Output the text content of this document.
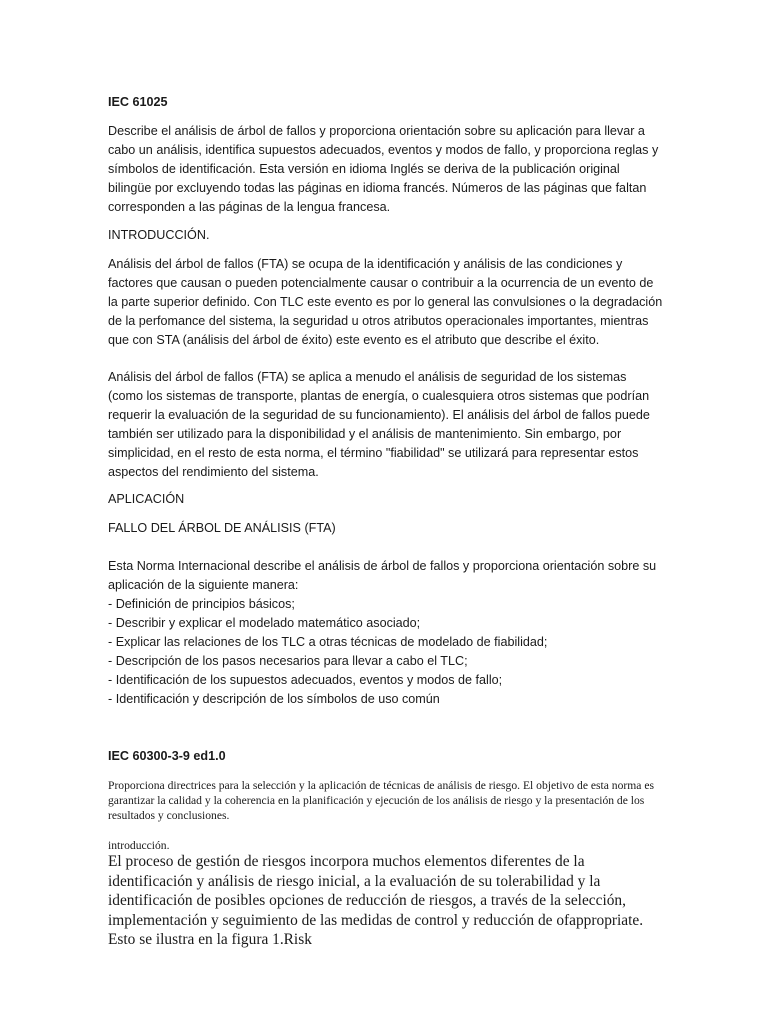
IEC 61025

Describe el análisis de árbol de fallos y proporciona orientación sobre su aplicación para llevar a cabo un análisis, identifica supuestos adecuados, eventos y modos de fallo, y proporciona reglas y símbolos de identificación. Esta versión en idioma Inglés se deriva de la publicación original bilingüe por excluyendo todas las páginas en idioma francés. Números de las páginas que faltan corresponden a las páginas de la lengua francesa.

INTRODUCCIÓN.

Análisis del árbol de fallos (FTA) se ocupa de la identificación y análisis de las condiciones y factores que causan o pueden potencialmente causar o contribuir a la ocurrencia de un evento de la parte superior definido. Con TLC este evento es por lo general las convulsiones o la degradación de la perfomance del sistema, la seguridad u otros atributos operacionales importantes, mientras que con STA (análisis del árbol de éxito) este evento es el atributo que describe el éxito.

Análisis del árbol de fallos (FTA) se aplica a menudo el análisis de seguridad de los sistemas (como los sistemas de transporte, plantas de energía, o cualesquiera otros sistemas que podrían requerir la evaluación de la seguridad de su funcionamiento). El análisis del árbol de fallos puede también ser utilizado para la disponibilidad y el análisis de mantenimiento. Sin embargo, por simplicidad, en el resto de esta norma, el término "fiabilidad" se utilizará para representar estos aspectos del rendimiento del sistema.

APLICACIÓN

FALLO DEL ÁRBOL DE ANÁLISIS (FTA)

Esta Norma Internacional describe el análisis de árbol de fallos y proporciona orientación sobre su aplicación de la siguiente manera:

- Definición de principios básicos;
- Describir y explicar el modelado matemático asociado;
- Explicar las relaciones de los TLC a otras técnicas de modelado de fiabilidad;
- Descripción de los pasos necesarios para llevar a cabo el TLC;
- Identificación de los supuestos adecuados, eventos y modos de fallo;
- Identificación y descripción de los símbolos de uso común

IEC 60300-3-9 ed1.0

Proporciona directrices para la selección y la aplicación de técnicas de análisis de riesgo. El objetivo de esta norma es garantizar la calidad y la coherencia en la planificación y ejecución de los análisis de riesgo y la presentación de los resultados y conclusiones.

introducción.

El proceso de gestión de riesgos incorpora muchos elementos diferentes de la identificación y análisis de riesgo inicial, a la evaluación de su tolerabilidad y la identificación de posibles opciones de reducción de riesgos, a través de la selección, implementación y seguimiento de las medidas de control y reducción de ofappropriate. Esto se ilustra en la figura 1.Risk
